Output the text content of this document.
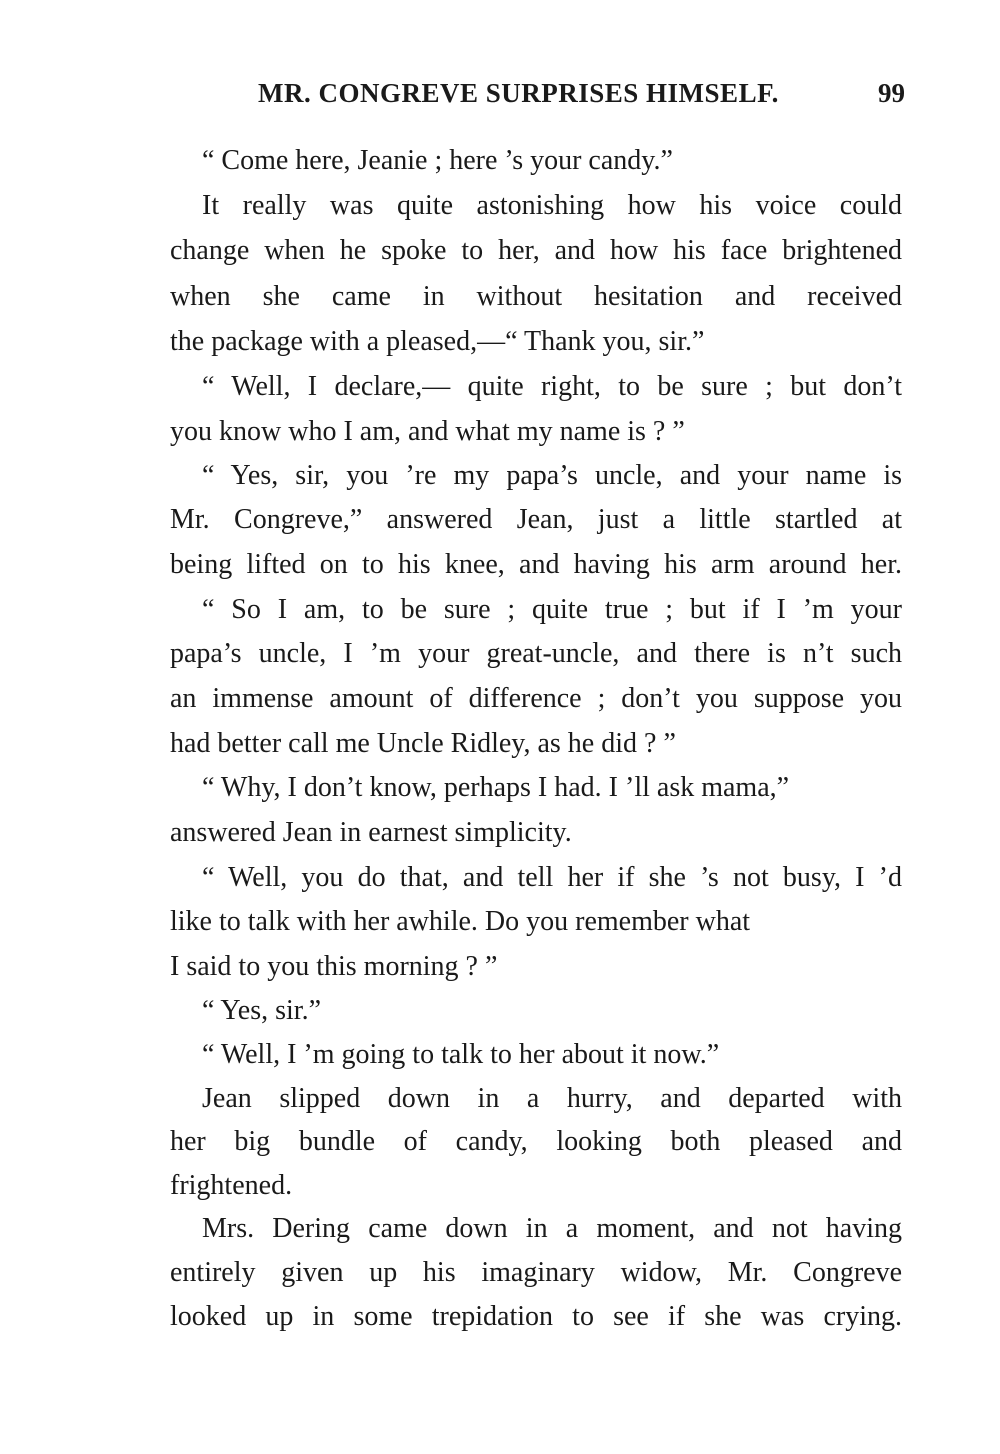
MR. CONGREVE SURPRISES HIMSELF.	99
“ Come here, Jeanie ; here ’s your candy.”
It really was quite astonishing how his voice could
change when he spoke to her, and how his face brightened
when she came in without hesitation and received
the package with a pleased,—“ Thank you, sir.”
“ Well, I declare,— quite right, to be sure ; but don’t
you know who I am, and what my name is ? ”
“ Yes, sir, you ’re my papa’s uncle, and your name is
Mr. Congreve,” answered Jean, just a little startled at
being lifted on to his knee, and having his arm around her.
“ So I am, to be sure ; quite true ; but if I ’m your
papa’s uncle, I ’m your great-uncle, and there is n’t such
an immense amount of difference ; don’t you suppose you
had better call me Uncle Ridley, as he did ? ”
“ Why, I don’t know, perhaps I had. I ’ll ask mama,”
answered Jean in earnest simplicity.
“ Well, you do that, and tell her if she ’s not busy, I ’d
like to talk with her awhile. Do you remember what
I said to you this morning ? ”
“ Yes, sir.”
“ Well, I ’m going to talk to her about it now.”
Jean slipped down in a hurry, and departed with
her big bundle of candy, looking both pleased and
frightened.
Mrs. Dering came down in a moment, and not having
entirely given up his imaginary widow, Mr. Congreve
looked up in some trepidation to see if she was crying.
